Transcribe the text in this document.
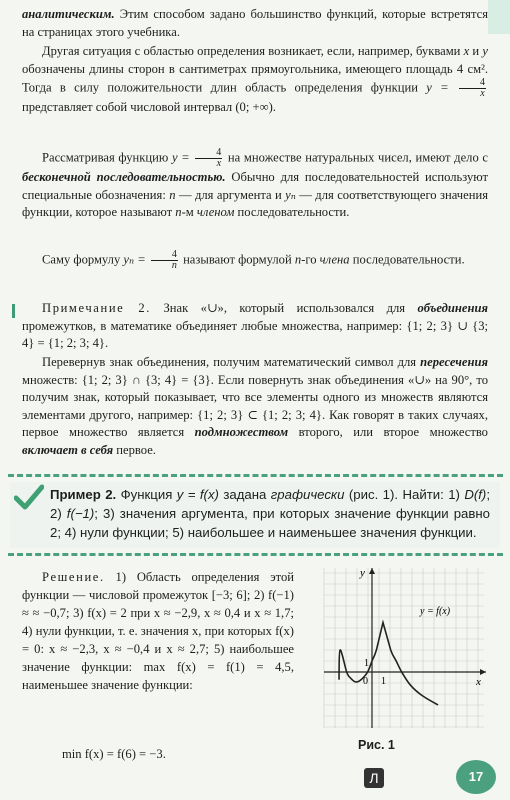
аналитическим. Этим способом задано большинство функций, которые встретятся на страницах этого учебника.

Другая ситуация с областью определения возникает, если, например, буквами x и y обозначены длины сторон в сантиметрах прямоугольника, имеющего площадь 4 см². Тогда в силу положительности длин область определения функции $y = \frac{4}{x}$
представляет собой числовой интервал (0; +∞).

Рассматривая функцию $y = \frac{4}{x}$ на множестве натуральных чисел, имеют дело с бесконечной последовательностью. Обычно для последовательностей используют специальные обозначения: n — для аргумента и yₙ — для соответствующего значения функции, которое называют n-м членом последовательности.

Саму формулу $y_n = \frac{4}{n}$ называют формулой n-го члена последовательности.

Примечание 2. Знак «∪», который использовался для объединения промежутков, в математике объединяет любые множества, например: {1; 2; 3} ∪ {3; 4} = {1; 2; 3; 4}.

Перевернув знак объединения, получим математический символ для пересечения множеств: {1; 2; 3} ∩ {3; 4} = {3}. Если повернуть знак объединения «∪» на 90°, то получим знак, который показывает, что все элементы одного из множеств являются элементами другого, например: {1; 2; 3} ⊂ {1; 2; 3; 4}. Как говорят в таких случаях, первое множество является подмножеством второго, или второе множество включает в себя первое.

Пример 2. Функция y = f(x) задана графически (рис. 1). Найти: 1) D(f); 2) f(−1); 3) значения аргумента, при которых значение функции равно 2; 4) нули функции; 5) наибольшее и наименьшее значения функции.

Решение. 1) Область определения этой функции — числовой промежуток [−3; 6]; 2) f(−1) ≈ ≈ −0,7; 3) f(x) = 2 при x ≈ −2,9, x ≈ 0,4 и x ≈ 1,7; 4) нули функции, т. е. значения x, при которых f(x) = 0: x ≈ −2,3, x ≈ −0,4 и x ≈ 2,7; 5) наибольшее значение функции: max f(x) = f(1) = 4,5, наименьшее значение функции:

min f(x) = f(6) = −3.
y
x
0 1
1
y = f(x)
Рис. 1
Л	17
